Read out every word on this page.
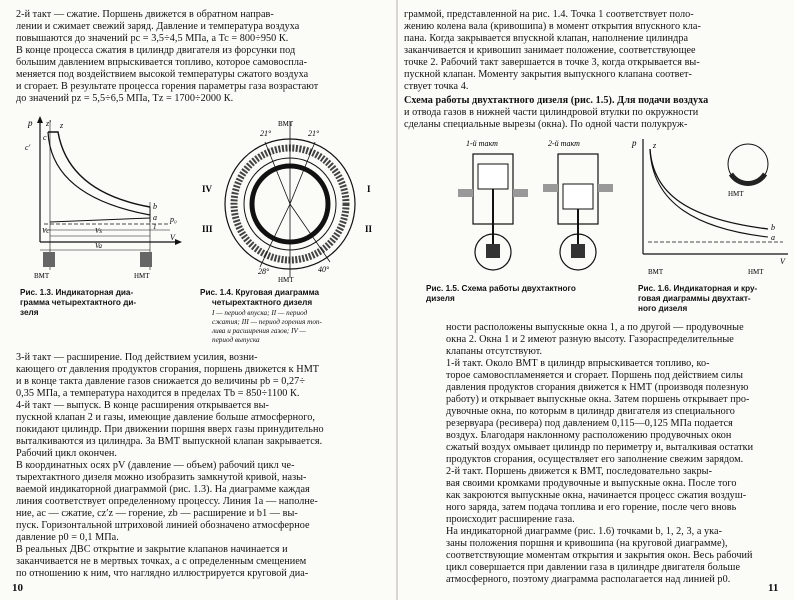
2-й такт — сжатие. Поршень движется в обратном направ-
лении и сжимает свежий заряд. Давление и температура воздуха
повышаются до значений pc = 3,5÷4,5 МПа, а Tc = 800÷950 К.
В конце процесса сжатия в цилиндр двигателя из форсунки под
большим давлением впрыскивается топливо, которое самовоспла-
меняется под воздействием высокой температуры сжатого воздуха
и сгорает. В результате процесса горения параметры газа возрастают
до значений pz = 5,5÷6,5 МПа, Tz = 1700÷2000 К.
p z′ z
c′
c
b
a p₀
V
Vc	Vs
Va
1
ВМТ	НМТ
ВМТ
НМТ
21°	21°
28°	40°
I
II
III
IV
Рис. 1.3. Индикаторная диа-
грамма четырехтактного ди-
зеля
Рис. 1.4. Круговая диаграмма
четырехтактного дизеля
I — период впуска; II — период
сжатия; III — период горения топ-
лива и расширения газов; IV —
период выпуска
3-й такт — расширение. Под действием усилия, возни-
кающего от давления продуктов сгорания, поршень движется к НМТ
и в конце такта давление газов снижается до величины pb = 0,27÷
0,35 МПа, а температура находится в пределах Tb = 850÷1100 К.
4-й такт — выпуск. В конце расширения открывается вы-
пускной клапан 2 и газы, имеющие давление больше атмосферного,
покидают цилиндр. При движении поршня вверх газы принудительно
выталкиваются из цилиндра. За ВМТ выпускной клапан закрывается.
Рабочий цикл окончен.
В координатных осях pV (давление — объем) рабочий цикл че-
тырехтактного дизеля можно изобразить замкнутой кривой, назы-
ваемой индикаторной диаграммой (рис. 1.3). На диаграмме каждая
линия соответствует определенному процессу. Линия 1a — наполне-
ние, ac — сжатие, cz′z — горение, zb — расширение и b1 — вы-
пуск. Горизонтальной штриховой линией обозначено атмосферное
давление p0 = 0,1 МПа.
В реальных ДВС открытие и закрытие клапанов начинается и
заканчивается не в мертвых точках, а с определенным смещением
по отношению к ним, что наглядно иллюстрируется круговой диа-
10
граммой, представленной на рис. 1.4. Точка 1 соответствует поло-
жению колена вала (кривошипа) в момент открытия впускного кла-
пана. Когда закрывается впускной клапан, наполнение цилиндра
заканчивается и кривошип занимает положение, соответствующее
точке 2. Рабочий такт завершается в точке 3, когда открывается вы-
пускной клапан. Моменту закрытия выпускного клапана соответ-
ствует точка 4.
Схема работы двухтактного дизеля (рис. 1.5). Для подачи воздуха
и отвода газов в нижней части цилиндровой втулки по окружности
сделаны специальные вырезы (окна). По одной части полукруж-
1-й такт	2-й такт	p z
b
a
V
НМТ
ВМТ	НМТ
Рис. 1.5. Схема работы двухтактного
дизеля
Рис. 1.6. Индикаторная и кру-
говая диаграммы двухтакт-
ного дизеля
ности расположены выпускные окна 1, а по другой — продувочные
окна 2. Окна 1 и 2 имеют разную высоту. Газораспределительные
клапаны отсутствуют.
1-й такт. Около ВМТ в цилиндр впрыскивается топливо, ко-
торое самовоспламеняется и сгорает. Поршень под действием силы
давления продуктов сгорания движется к НМТ (производя полезную
работу) и открывает выпускные окна. Затем поршень открывает про-
дувочные окна, по которым в цилиндр двигателя из специального
резервуара (ресивера) под давлением 0,115—0,125 МПа подается
воздух. Благодаря наклонному расположению продувочных окон
сжатый воздух омывает цилиндр по периметру и, выталкивая остатки
продуктов сгорания, осуществляет его заполнение свежим зарядом.
2-й такт. Поршень движется к ВМТ, последовательно закры-
вая своими кромками продувочные и выпускные окна. После того
как закроются выпускные окна, начинается процесс сжатия воздуш-
ного заряда, затем подача топлива и его горение, после чего вновь
происходит расширение газа.
На индикаторной диаграмме (рис. 1.6) точками b, 1, 2, 3, a ука-
заны положения поршня и кривошипа (на круговой диаграмме),
соответствующие моментам открытия и закрытия окон. Весь рабочий
цикл совершается при давлении газа в цилиндре двигателя больше
атмосферного, поэтому диаграмма располагается над линией p0.
11
